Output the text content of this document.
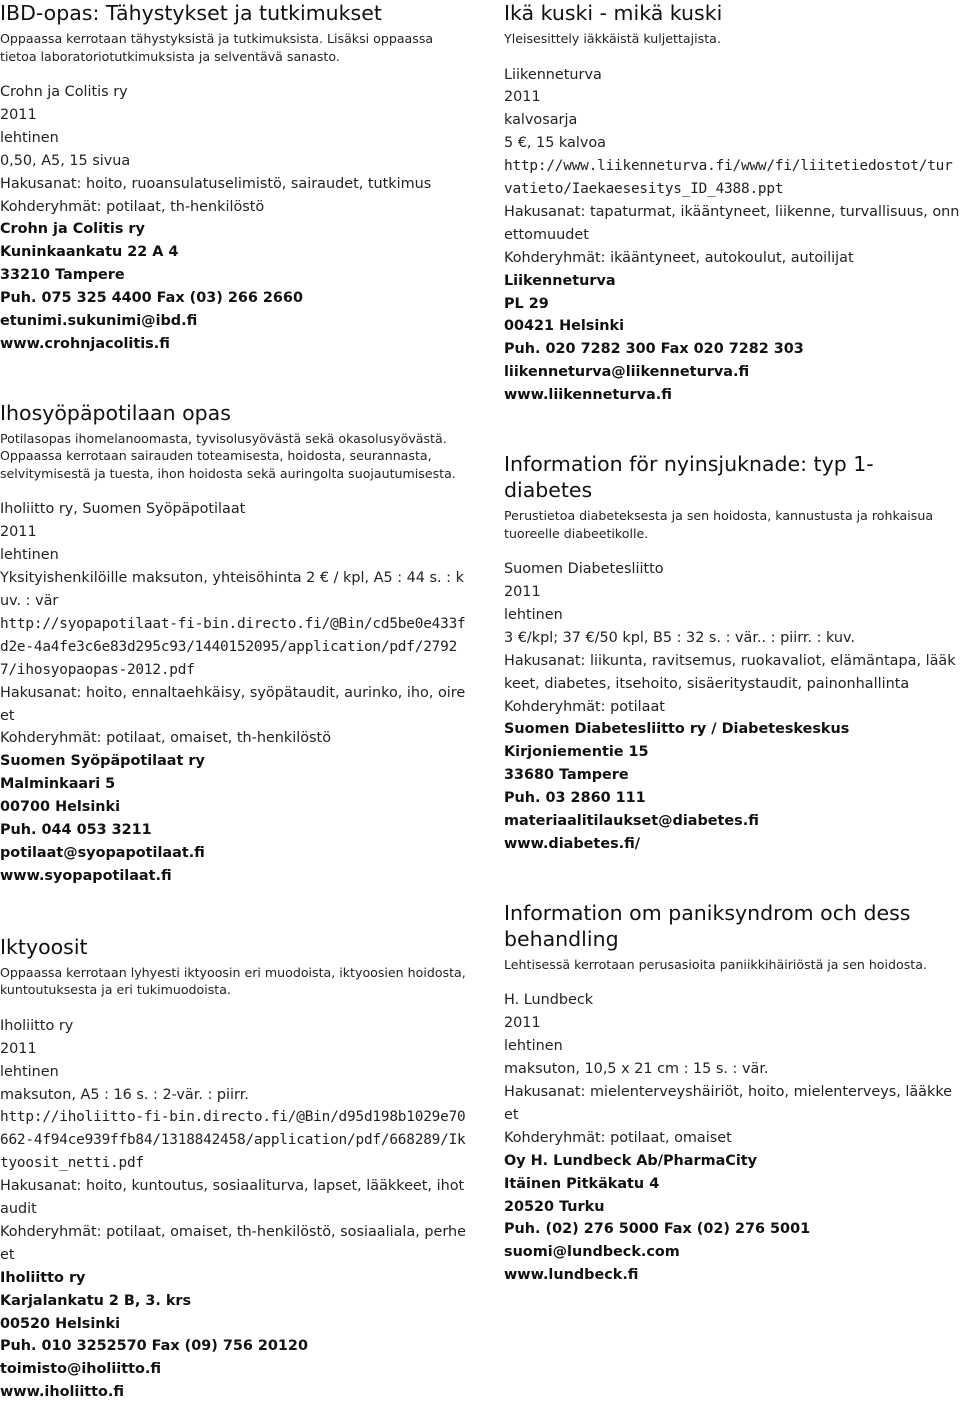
IBD-opas: Tähystykset ja tutkimukset

Oppaassa kerrotaan tähystyksistä ja tutkimuksista. Lisäksi oppaassa tietoa laboratoriotutkimuksista ja selventävä sanasto.

Crohn ja Colitis ry
2011
lehtinen
0,50, A5, 15 sivua
Hakusanat: hoito, ruoansulatuselimistö, sairaudet, tutkimus
Kohderyhmät: potilaat, th-henkilöstö
Crohn ja Colitis ry
Kuninkaankatu 22 A 4
33210 Tampere
Puh. 075 325 4400 Fax (03) 266 2660
etunimi.sukunimi@ibd.fi
www.crohnjacolitis.fi
Ihosyöpäpotilaan opas

Potilasopas ihomelanoomasta, tyvisolusyövästä sekä okasolusyövästä. Oppaassa kerrotaan sairauden toteamisesta, hoidosta, seurannasta, selvitymisestä ja tuesta, ihon hoidosta sekä auringolta suojautumisesta.

Iholiitto ry, Suomen Syöpäpotilaat
2011
lehtinen
Yksityishenkilöille maksuton, yhteisöhinta 2 € / kpl, A5 : 44 s. : kuv. : vär
http://syopapotilaat-fi-bin.directo.fi/@Bin/cd5be0e433fd2e-4a4fe3c6e83d295c93/1440152095/application/pdf/27927/ihosyopaopas-2012.pdf
Hakusanat: hoito, ennaltaehkäisy, syöpätaudit, aurinko, iho, oireet
Kohderyhmät: potilaat, omaiset, th-henkilöstö
Suomen Syöpäpotilaat ry
Malminkaari 5
00700 Helsinki
Puh. 044 053 3211
potilaat@syopapotilaat.fi
www.syopapotilaat.fi
Iktyoosit

Oppaassa kerrotaan lyhyesti iktyoosin eri muodoista, iktyoosien hoidosta, kuntoutuksesta ja eri tukimuodoista.

Iholiitto ry
2011
lehtinen
maksuton, A5 : 16 s. : 2-vär. : piirr.
http://iholiitto-fi-bin.directo.fi/@Bin/d95d198b1029e70662-4f94ce939ffb84/1318842458/application/pdf/668289/Iktyoosit_netti.pdf
Hakusanat: hoito, kuntoutus, sosiaaliturva, lapset, lääkkeet, ihotaudit
Kohderyhmät: potilaat, omaiset, th-henkilöstö, sosiaaliala, perheet
Iholiitto ry
Karjalankatu 2 B, 3. krs
00520 Helsinki
Puh. 010 3252570 Fax (09) 756 20120
toimisto@iholiitto.fi
www.iholiitto.fi
Ikä kuski - mikä kuski

Yleisesittely iäkkäistä kuljettajista.

Liikenneturva
2011
kalvosarja
5 €, 15 kalvoa
http://www.liikenneturva.fi/www/fi/liitetiedostot/turvatieto/Iaekaesesitys_ID_4388.ppt
Hakusanat: tapaturmat, ikääntyneet, liikenne, turvallisuus, onnettomuudet
Kohderyhmät: ikääntyneet, autokoulut, autoilijat
Liikenneturva
PL 29
00421 Helsinki
Puh. 020 7282 300 Fax 020 7282 303
liikenneturva@liikenneturva.fi
www.liikenneturva.fi
Information för nyinsjuknade: typ 1-diabetes

Perustietoa diabeteksesta ja sen hoidosta, kannustusta ja rohkaisua tuoreelle diabeetikolle.

Suomen Diabetesliitto
2011
lehtinen
3 €/kpl; 37 €/50 kpl, B5 : 32 s. : vär.. : piirr. : kuv.
Hakusanat: liikunta, ravitsemus, ruokavaliot, elämäntapa, lääkkeet, diabetes, itsehoito, sisäeritystaudit, painonhallinta
Kohderyhmät: potilaat
Suomen Diabetesliitto ry / Diabeteskeskus
Kirjoniementie 15
33680 Tampere
Puh. 03 2860 111
materiaalitilaukset@diabetes.fi
www.diabetes.fi/
Information om paniksyndrom och dess behandling

Lehtisessä kerrotaan perusasioita paniikkihäiriöstä ja sen hoidosta.

H. Lundbeck
2011
lehtinen
maksuton, 10,5 x 21 cm : 15 s. : vär.
Hakusanat: mielenterveyshäiriöt, hoito, mielenterveys, lääkkeet
Kohderyhmät: potilaat, omaiset
Oy H. Lundbeck Ab/PharmaCity
Itäinen Pitkäkatu 4
20520 Turku
Puh. (02) 276 5000 Fax (02) 276 5001
suomi@lundbeck.com
www.lundbeck.fi
